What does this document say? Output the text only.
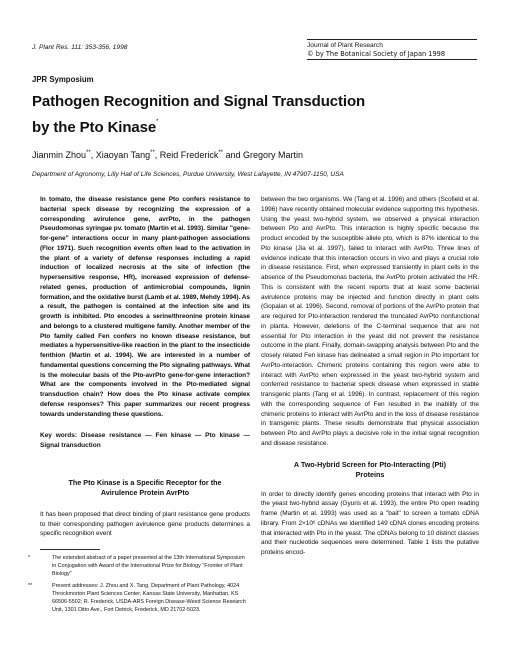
J. Plant Res. 111: 353-356, 1998	Journal of Plant Research
© by The Botanical Society of Japan 1998
JPR Symposium
Pathogen Recognition and Signal Transduction
by the Pto Kinase*
Jianmin Zhou**, Xiaoyan Tang**, Reid Frederick** and Gregory Martin
Department of Agronomy, Lilly Hall of Life Sciences, Purdue University, West Lafayette, IN 47907-1150, USA

In tomato, the disease resistance gene Pto confers resistance to bacterial speck disease by recognizing the expression of a corresponding avirulence gene, avrPto, in the pathogen Pseudomonas syringae pv. tomato (Martin et al. 1993). Similar "gene-for-gene" interactions occur in many plant-pathogen associations (Flor 1971). Such recognition events often lead to the activation in the plant of a variety of defense responses including a rapid induction of localized necrosis at the site of infection (the hypersensitive response, HR), increased expression of defense-related genes, production of antimicrobial compounds, lignin formation, and the oxidative burst (Lamb et al. 1989, Mehdy 1994). As a result, the pathogen is contained at the infection site and its growth is inhibited. Pto encodes a serine/threonine protein kinase and belongs to a clustered multigene family. Another member of the Pto family called Fen confers no known disease resistance, but mediates a hypersensitive-like reaction in the plant to the insecticide fenthion (Martin et al. 1994). We are interested in a number of fundamental questions concerning the Pto signaling pathways. What is the molecular basis of the Pto-avrPto gene-for-gene interaction? What are the components involved in the Pto-mediated signal transduction chain? How does the Pto kinase activate complex defense responses? This paper summarizes our recent progress towards understanding these questions.

Key words: Disease resistance — Fen kinase — Pto kinase — Signal transduction

The Pto Kinase is a Specific Receptor for the
Avirulence Protein AvrPto

It has been proposed that direct binding of plant resistance gene products to their corresponding pathogen avirulence gene products determines a specific recognition event

*	The extended abstract of a paper presented at the 13th International Symposium in Conjugation with Award of the International Prize for Biology "Frontier of Plant Biology"
**	Present addresses: J. Zhou and X. Tang, Department of Plant Pathology, 4024 Throckmorton Plant Sciences Center, Kansas State University, Manhattan, KS 66506-5502; R. Frederick, USDA-ARS Foreign Disease-Weed Science Research Unit, 1301 Ditto Ave., Fort Detrick, Frederick, MD 21702-5023.

between the two organisms. We (Tang et al. 1996) and others (Scofield et al. 1996) have recently obtained molecular evidence supporting this hypothesis. Using the yeast two-hybrid system, we observed a physical interaction between Pto and AvrPto. This interaction is highly specific because the product encoded by the susceptible allele pto, which is 87% identical to the Pto kinase (Jia et al. 1997), failed to interact with AvrPto. Three lines of evidence indicate that this interaction occurs in vivo and plays a crucial role in disease resistance. First, when expressed transiently in plant cells in the absence of the Pseudomonas bacteria, the AvrPto protein activated the HR. This is consistent with the recent reports that at least some bacterial avirulence proteins may be injected and function directly in plant cells (Gopalan et al. 1996). Second, removal of portions of the AvrPto protein that are required for Pto-interaction rendered the truncated AvrPto nonfunctional in planta. However, deletions of the C-terminal sequence that are not essential for Pto interaction in the yeast did not prevent the resistance outcome in the plant. Finally, domain-swapping analysis between Pto and the closely related Fen kinase has delineated a small region in Pto important for AvrPto-interaction. Chimeric proteins containing this region were able to interact with AvrPto when expressed in the yeast two-hybrid system and conferred resistance to bacterial speck disease when expressed in stable transgenic plants (Tang et al. 1996). In contrast, replacement of this region with the corresponding sequence of Fen resulted in the inability of the chimeric proteins to interact with AvrPto and in the loss of disease resistance in transgenic plants. These results demonstrate that physical association between Pto and AvrPto plays a decisive role in the initial signal recognition and disease resistance.

A Two-Hybrid Screen for Pto-Interacting (Pti)
Proteins

In order to directly identify genes encoding proteins that interact with Pto in the yeast two-hybrid assay (Gyuris et al. 1993), the entire Pto open reading frame (Martin et al. 1993) was used as a "bait" to screen a tomato cDNA library. From 2×10⁶ cDNAs we identified 149 cDNA clones encoding proteins that interacted with Pto in the yeast. The cDNAs belong to 10 distinct classes and their nucleotide sequences were determined. Table 1 lists the putative proteins encod-
